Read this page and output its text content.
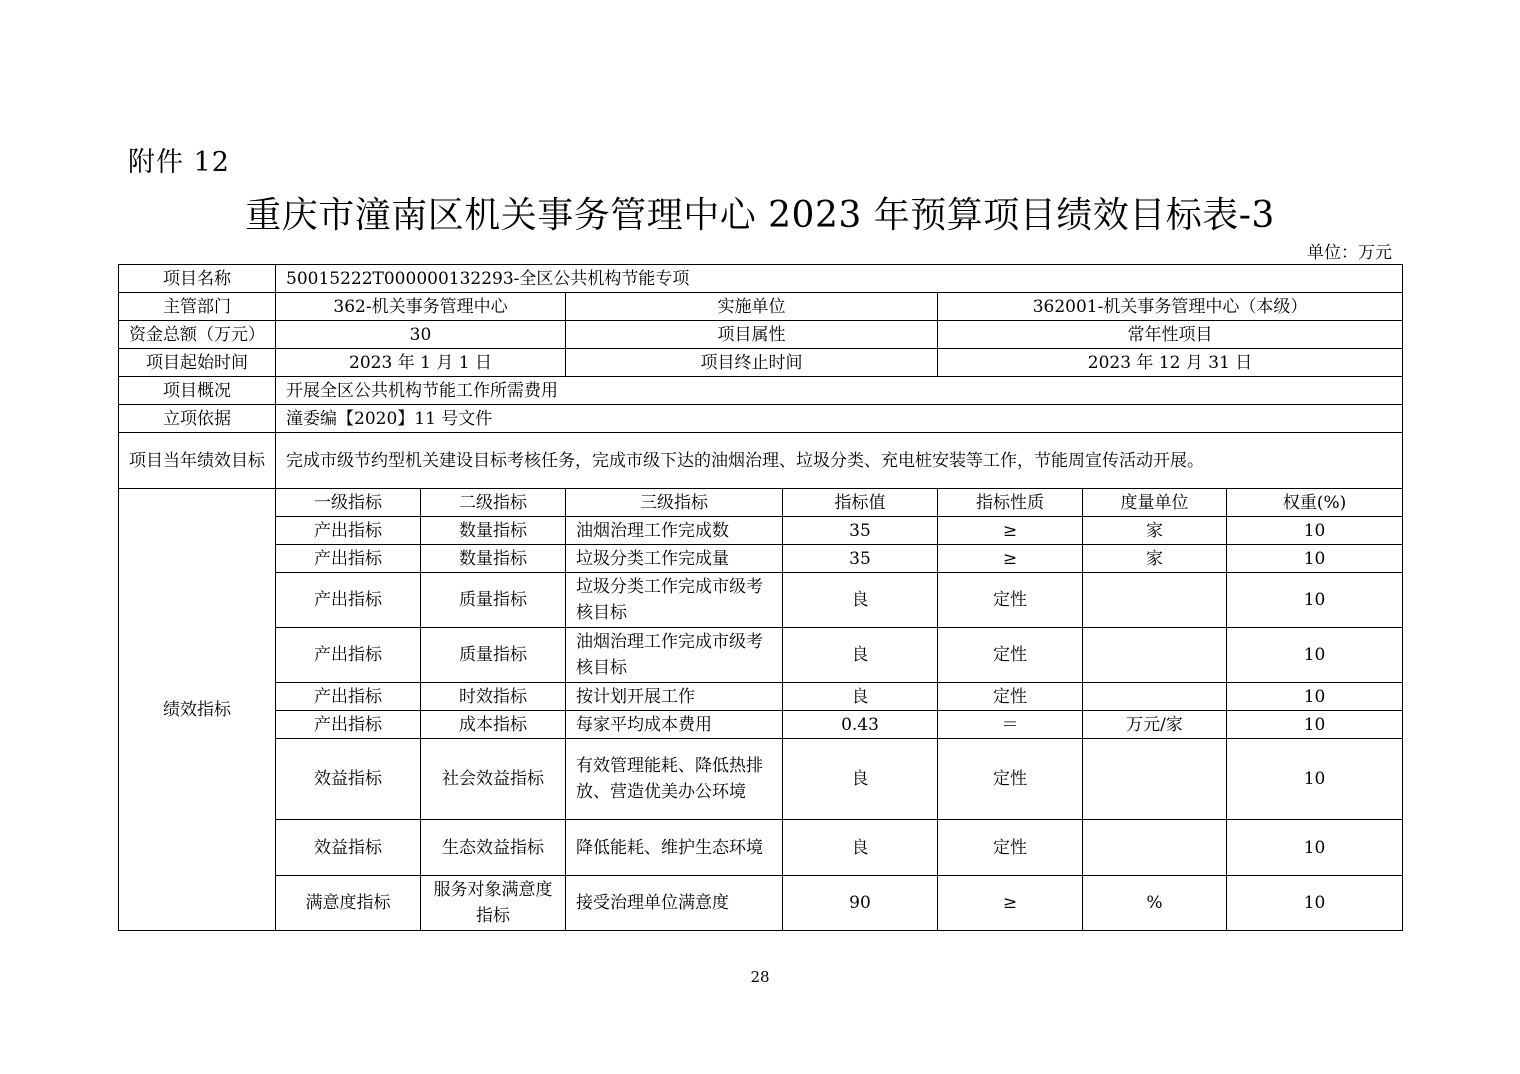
附件 12
重庆市潼南区机关事务管理中心 2023 年预算项目绩效目标表-3
单位：万元
项目名称	50015222T000000132293-全区公共机构节能专项						
主管部门	362-机关事务管理中心		实施单位		362001-机关事务管理中心（本级）		
资金总额（万元）	30		项目属性		常年性项目		
项目起始时间	2023 年 1 月 1 日		项目终止时间		2023 年 12 月 31 日		
项目概况	开展全区公共机构节能工作所需费用						
立项依据	潼委编【2020】11 号文件						
项目当年绩效目标	完成市级节约型机关建设目标考核任务，完成市级下达的油烟治理、垃圾分类、充电桩安装等工作，节能周宣传活动开展。						
绩效指标	一级指标	二级指标	三级指标	指标值	指标性质	度量单位	权重(%)
	产出指标	数量指标	油烟治理工作完成数	35	≥	家	10
	产出指标	数量指标	垃圾分类工作完成量	35	≥	家	10
	产出指标	质量指标	垃圾分类工作完成市级考核目标	良	定性		10
	产出指标	质量指标	油烟治理工作完成市级考核目标	良	定性		10
	产出指标	时效指标	按计划开展工作	良	定性		10
	产出指标	成本指标	每家平均成本费用	0.43	＝	万元/家	10
	效益指标	社会效益指标	有效管理能耗、降低热排放、营造优美办公环境	良	定性		10
	效益指标	生态效益指标	降低能耗、维护生态环境	良	定性		10
	满意度指标	服务对象满意度指标	接受治理单位满意度	90	≥	%	10
28
